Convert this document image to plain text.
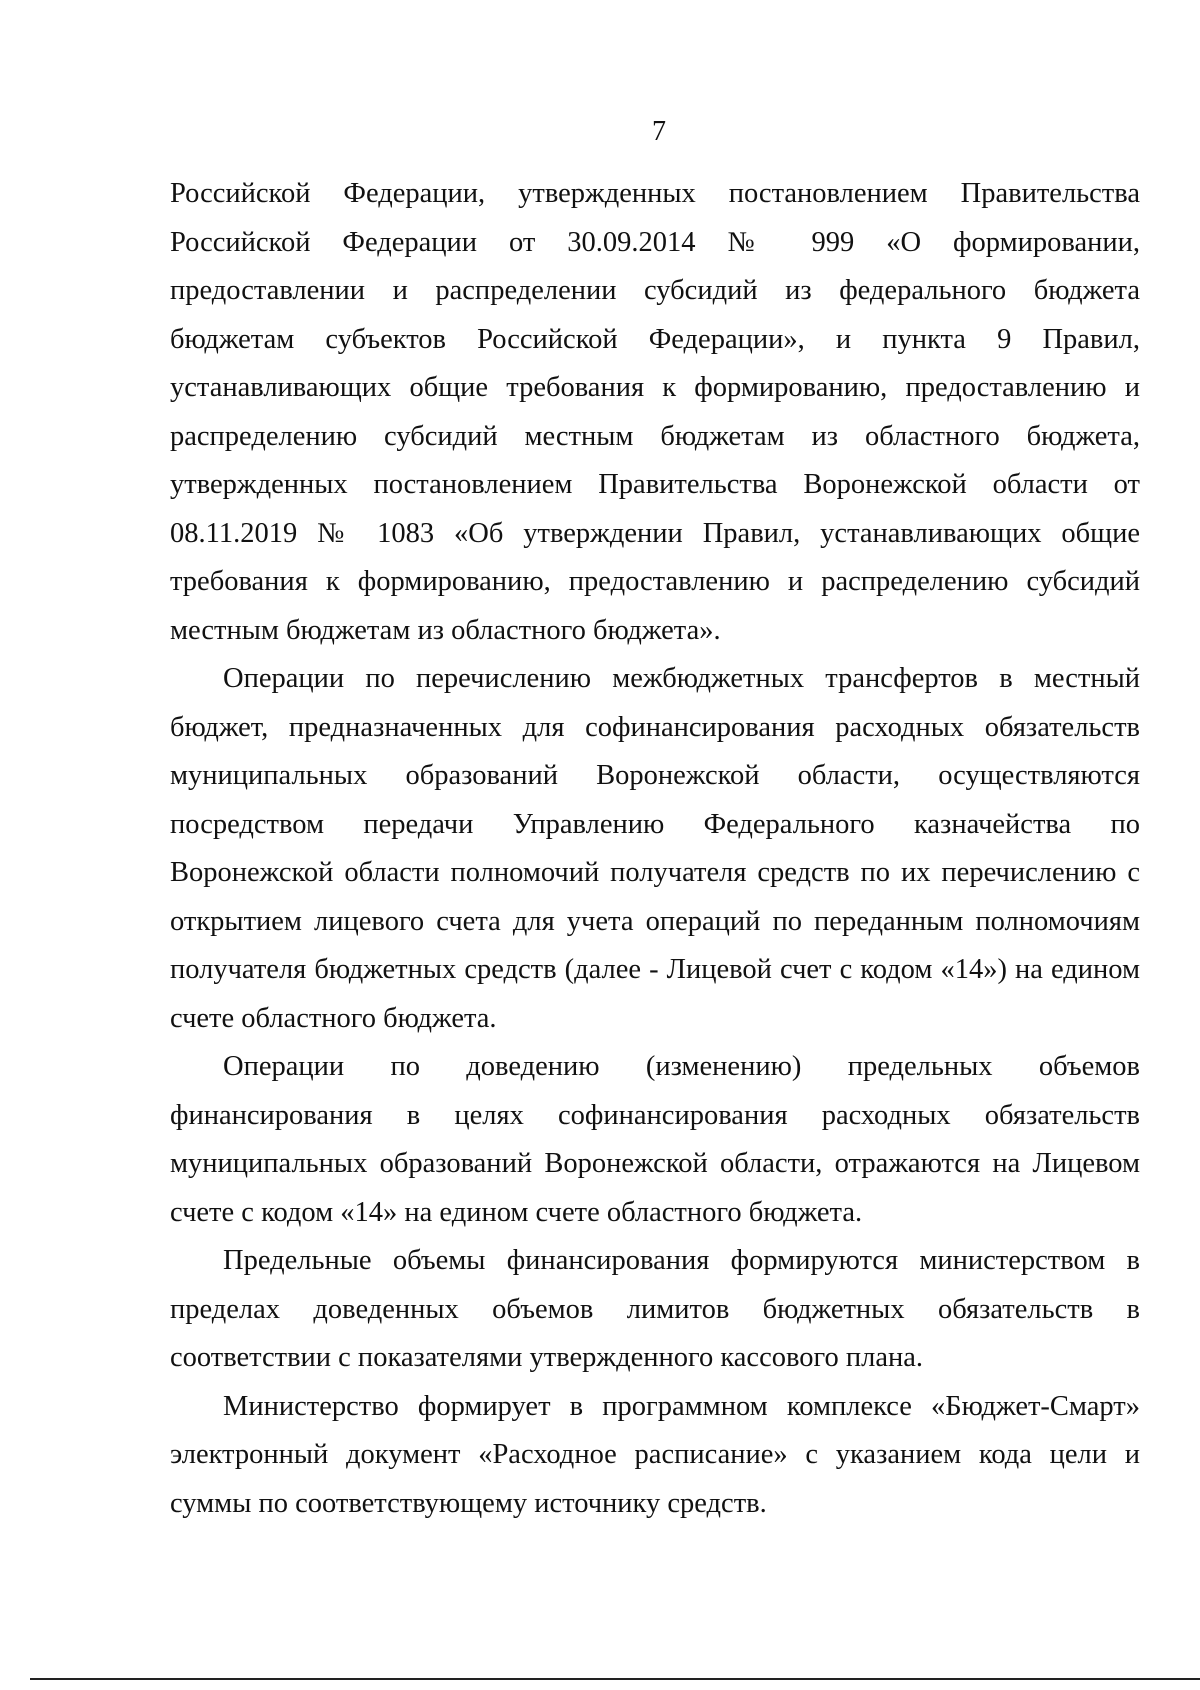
7

Российской Федерации, утвержденных постановлением Правительства Российской Федерации от 30.09.2014 № 999 «О формировании, предоставлении и распределении субсидий из федерального бюджета бюджетам субъектов Российской Федерации», и пункта 9 Правил, устанавливающих общие требования к формированию, предоставлению и распределению субсидий местным бюджетам из областного бюджета, утвержденных постановлением Правительства Воронежской области от 08.11.2019 № 1083 «Об утверждении Правил, устанавливающих общие требования к формированию, предоставлению и распределению субсидий местным бюджетам из областного бюджета».

Операции по перечислению межбюджетных трансфертов в местный бюджет, предназначенных для софинансирования расходных обязательств муниципальных образований Воронежской области, осуществляются посредством передачи Управлению Федерального казначейства по Воронежской области полномочий получателя средств по их перечислению с открытием лицевого счета для учета операций по переданным полномочиям получателя бюджетных средств (далее - Лицевой счет с кодом «14») на едином счете областного бюджета.

Операции по доведению (изменению) предельных объемов финансирования в целях софинансирования расходных обязательств муниципальных образований Воронежской области, отражаются на Лицевом счете с кодом «14» на едином счете областного бюджета.

Предельные объемы финансирования формируются министерством в пределах доведенных объемов лимитов бюджетных обязательств в соответствии с показателями утвержденного кассового плана.

Министерство формирует в программном комплексе «Бюджет-Смарт» электронный документ «Расходное расписание» с указанием кода цели и суммы по соответствующему источнику средств.
